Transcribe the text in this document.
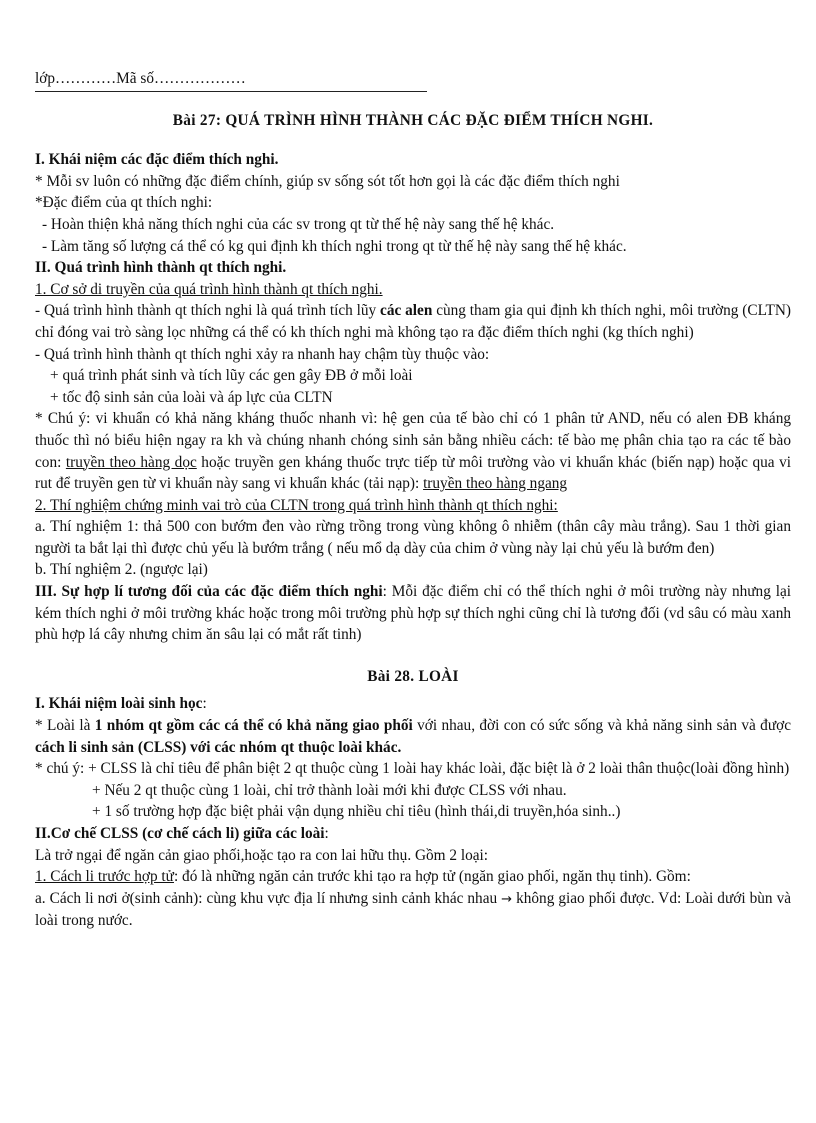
lớp…………Mã số………………
Bài 27: QUÁ TRÌNH HÌNH THÀNH CÁC ĐẶC ĐIỂM THÍCH NGHI.
I. Khái niệm các đặc điểm thích nghi.
* Mỗi sv luôn có những đặc điểm chính, giúp sv sống sót tốt hơn gọi là các đặc điểm thích nghi
*Đặc điểm của qt thích nghi:
- Hoàn thiện khả năng thích nghi của các sv trong qt từ thế hệ này sang thế hệ khác.
- Làm tăng số lượng cá thể có kg qui định kh thích nghi trong qt từ thế hệ này sang thế hệ khác.
II. Quá trình hình thành qt thích nghi.
1. Cơ sở di truyền của quá trình hình thành qt thích nghi.
- Quá trình hình thành qt thích nghi là quá trình tích lũy các alen cùng tham gia qui định kh thích nghi, môi trường (CLTN) chỉ đóng vai trò sàng lọc những cá thể có kh thích nghi mà không tạo ra đặc điểm thích nghi (kg thích nghi)
- Quá trình hình thành qt thích nghi xảy ra nhanh hay chậm tùy thuộc vào:
+ quá trình phát sinh và tích lũy các gen gây ĐB ở mỗi loài
+ tốc độ sinh sản của loài và áp lực của CLTN
* Chú ý: vi khuẩn có khả năng kháng thuốc nhanh vì: hệ gen của tế bào chỉ có 1 phân tử AND, nếu có alen ĐB kháng thuốc thì nó biểu hiện ngay ra kh và chúng nhanh chóng sinh sản bằng nhiều cách: tế bào mẹ phân chia tạo ra các tế bào con: truyền theo hàng dọc hoặc truyền gen kháng thuốc trực tiếp từ môi trường vào vi khuẩn khác (biến nạp) hoặc qua vi rut để truyền gen từ vi khuẩn này sang vi khuẩn khác (tải nạp): truyền theo hàng ngang
2. Thí nghiệm chứng minh vai trò của CLTN trong quá trình hình thành qt thích nghi:
a. Thí nghiệm 1: thả 500 con bướm đen vào rừng trồng trong vùng không ô nhiễm (thân cây màu trắng). Sau 1 thời gian người ta bắt lại thì được chủ yếu là bướm trắng ( nếu mổ dạ dày của chim ở vùng này lại chủ yếu là bướm đen)
b. Thí nghiệm 2. (ngược lại)
III. Sự hợp lí tương đối của các đặc điểm thích nghi: Mỗi đặc điểm chỉ có thể thích nghi ở môi trường này nhưng lại kém thích nghi ở môi trường khác hoặc trong môi trường phù hợp sự thích nghi cũng chỉ là tương đối (vd sâu có màu xanh phù hợp lá cây nhưng chim ăn sâu lại có mắt rất tinh)
Bài 28. LOÀI
I. Khái niệm loài sinh học:
* Loài là 1 nhóm qt gồm các cá thể có khả năng giao phối với nhau, đời con có sức sống và khả năng sinh sản và được cách li sinh sản (CLSS) với các nhóm qt thuộc loài khác.
* chú ý: + CLSS là chỉ tiêu để phân biệt 2 qt thuộc cùng 1 loài hay khác loài, đặc biệt là ở 2 loài thân thuộc(loài đồng hình)
+ Nếu 2 qt thuộc cùng 1 loài, chỉ trở thành loài mới khi được CLSS với nhau.
+ 1 số trường hợp đặc biệt phải vận dụng nhiều chỉ tiêu (hình thái,di truyền,hóa sinh..)
II.Cơ chế CLSS (cơ chế cách li) giữa các loài:
Là trở ngại để ngăn cản giao phối,hoặc tạo ra con lai hữu thụ. Gồm 2 loại:
1. Cách li trước hợp tử: đó là những ngăn cản trước khi tạo ra hợp tử (ngăn giao phối, ngăn thụ tinh). Gồm:
a. Cách li nơi ở(sinh cảnh): cùng khu vực địa lí nhưng sinh cảnh khác nhau → không giao phối được. Vd: Loài dưới bùn và loài trong nước.
